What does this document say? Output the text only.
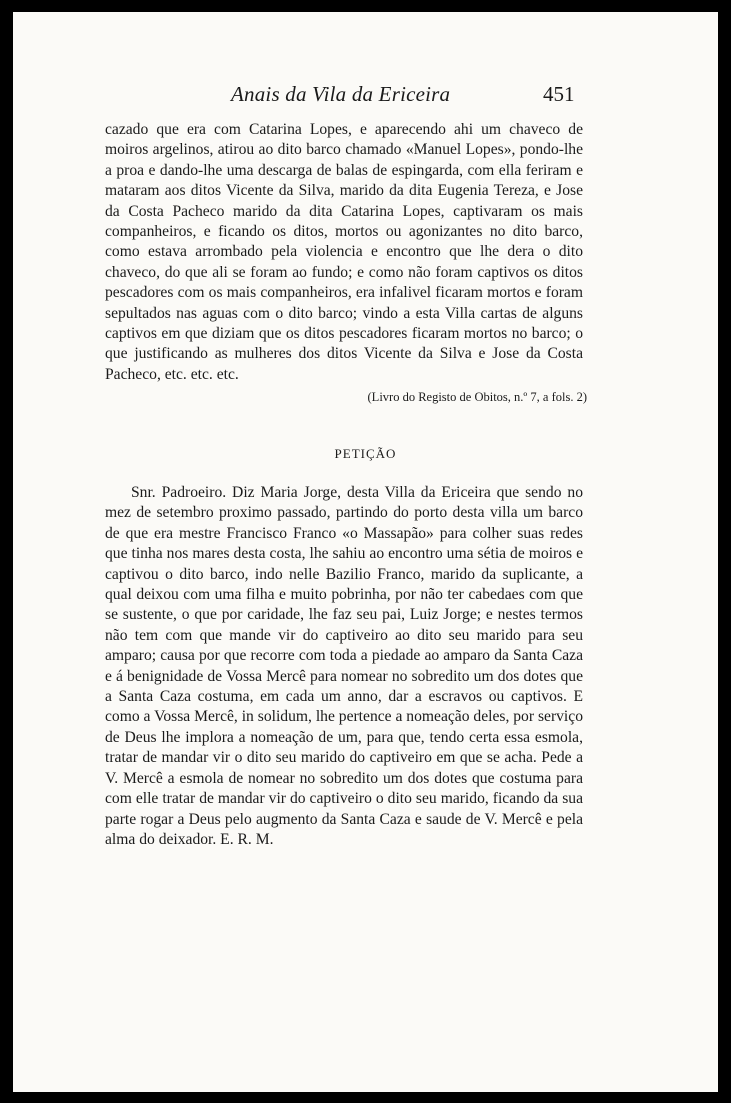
Anais da Vila da Ericeira	451

cazado que era com Catarina Lopes, e aparecendo ahi um chaveco de moiros argelinos, atirou ao dito barco chamado «Manuel Lopes», pondo-lhe a proa e dando-lhe uma descarga de balas de espingarda, com ella feriram e mataram aos ditos Vicente da Silva, marido da dita Eugenia Tereza, e Jose da Costa Pacheco marido da dita Catarina Lopes, captivaram os mais companheiros, e ficando os ditos, mortos ou agonizantes no dito barco, como estava arrombado pela violencia e encontro que lhe dera o dito chaveco, do que ali se foram ao fundo; e como não foram captivos os ditos pescadores com os mais companheiros, era infalivel ficaram mortos e foram sepultados nas aguas com o dito barco; vindo a esta Villa cartas de alguns captivos em que diziam que os ditos pescadores ficaram mortos no barco; o que justificando as mulheres dos ditos Vicente da Silva e Jose da Costa Pacheco, etc. etc. etc.

(Livro do Registo de Obitos, n.º 7, a fols. 2)
PETIÇÃO

Snr. Padroeiro. Diz Maria Jorge, desta Villa da Ericeira que sendo no mez de setembro proximo passado, partindo do porto desta villa um barco de que era mestre Francisco Franco «o Massapão» para colher suas redes que tinha nos mares desta costa, lhe sahiu ao encontro uma sétia de moiros e captivou o dito barco, indo nelle Bazilio Franco, marido da suplicante, a qual deixou com uma filha e muito pobrinha, por não ter cabedaes com que se sustente, o que por caridade, lhe faz seu pai, Luiz Jorge; e nestes termos não tem com que mande vir do captiveiro ao dito seu marido para seu amparo; causa por que recorre com toda a piedade ao amparo da Santa Caza e á benignidade de Vossa Mercê para nomear no sobredito um dos dotes que a Santa Caza costuma, em cada um anno, dar a escravos ou captivos. E como a Vossa Mercê, in solidum, lhe pertence a nomeação deles, por serviço de Deus lhe implora a nomeação de um, para que, tendo certa essa esmola, tratar de mandar vir o dito seu marido do captiveiro em que se acha. Pede a V. Mercê a esmola de nomear no sobredito um dos dotes que costuma para com elle tratar de mandar vir do captiveiro o dito seu marido, ficando da sua parte rogar a Deus pelo augmento da Santa Caza e saude de V. Mercê e pela alma do deixador. E. R. M.
